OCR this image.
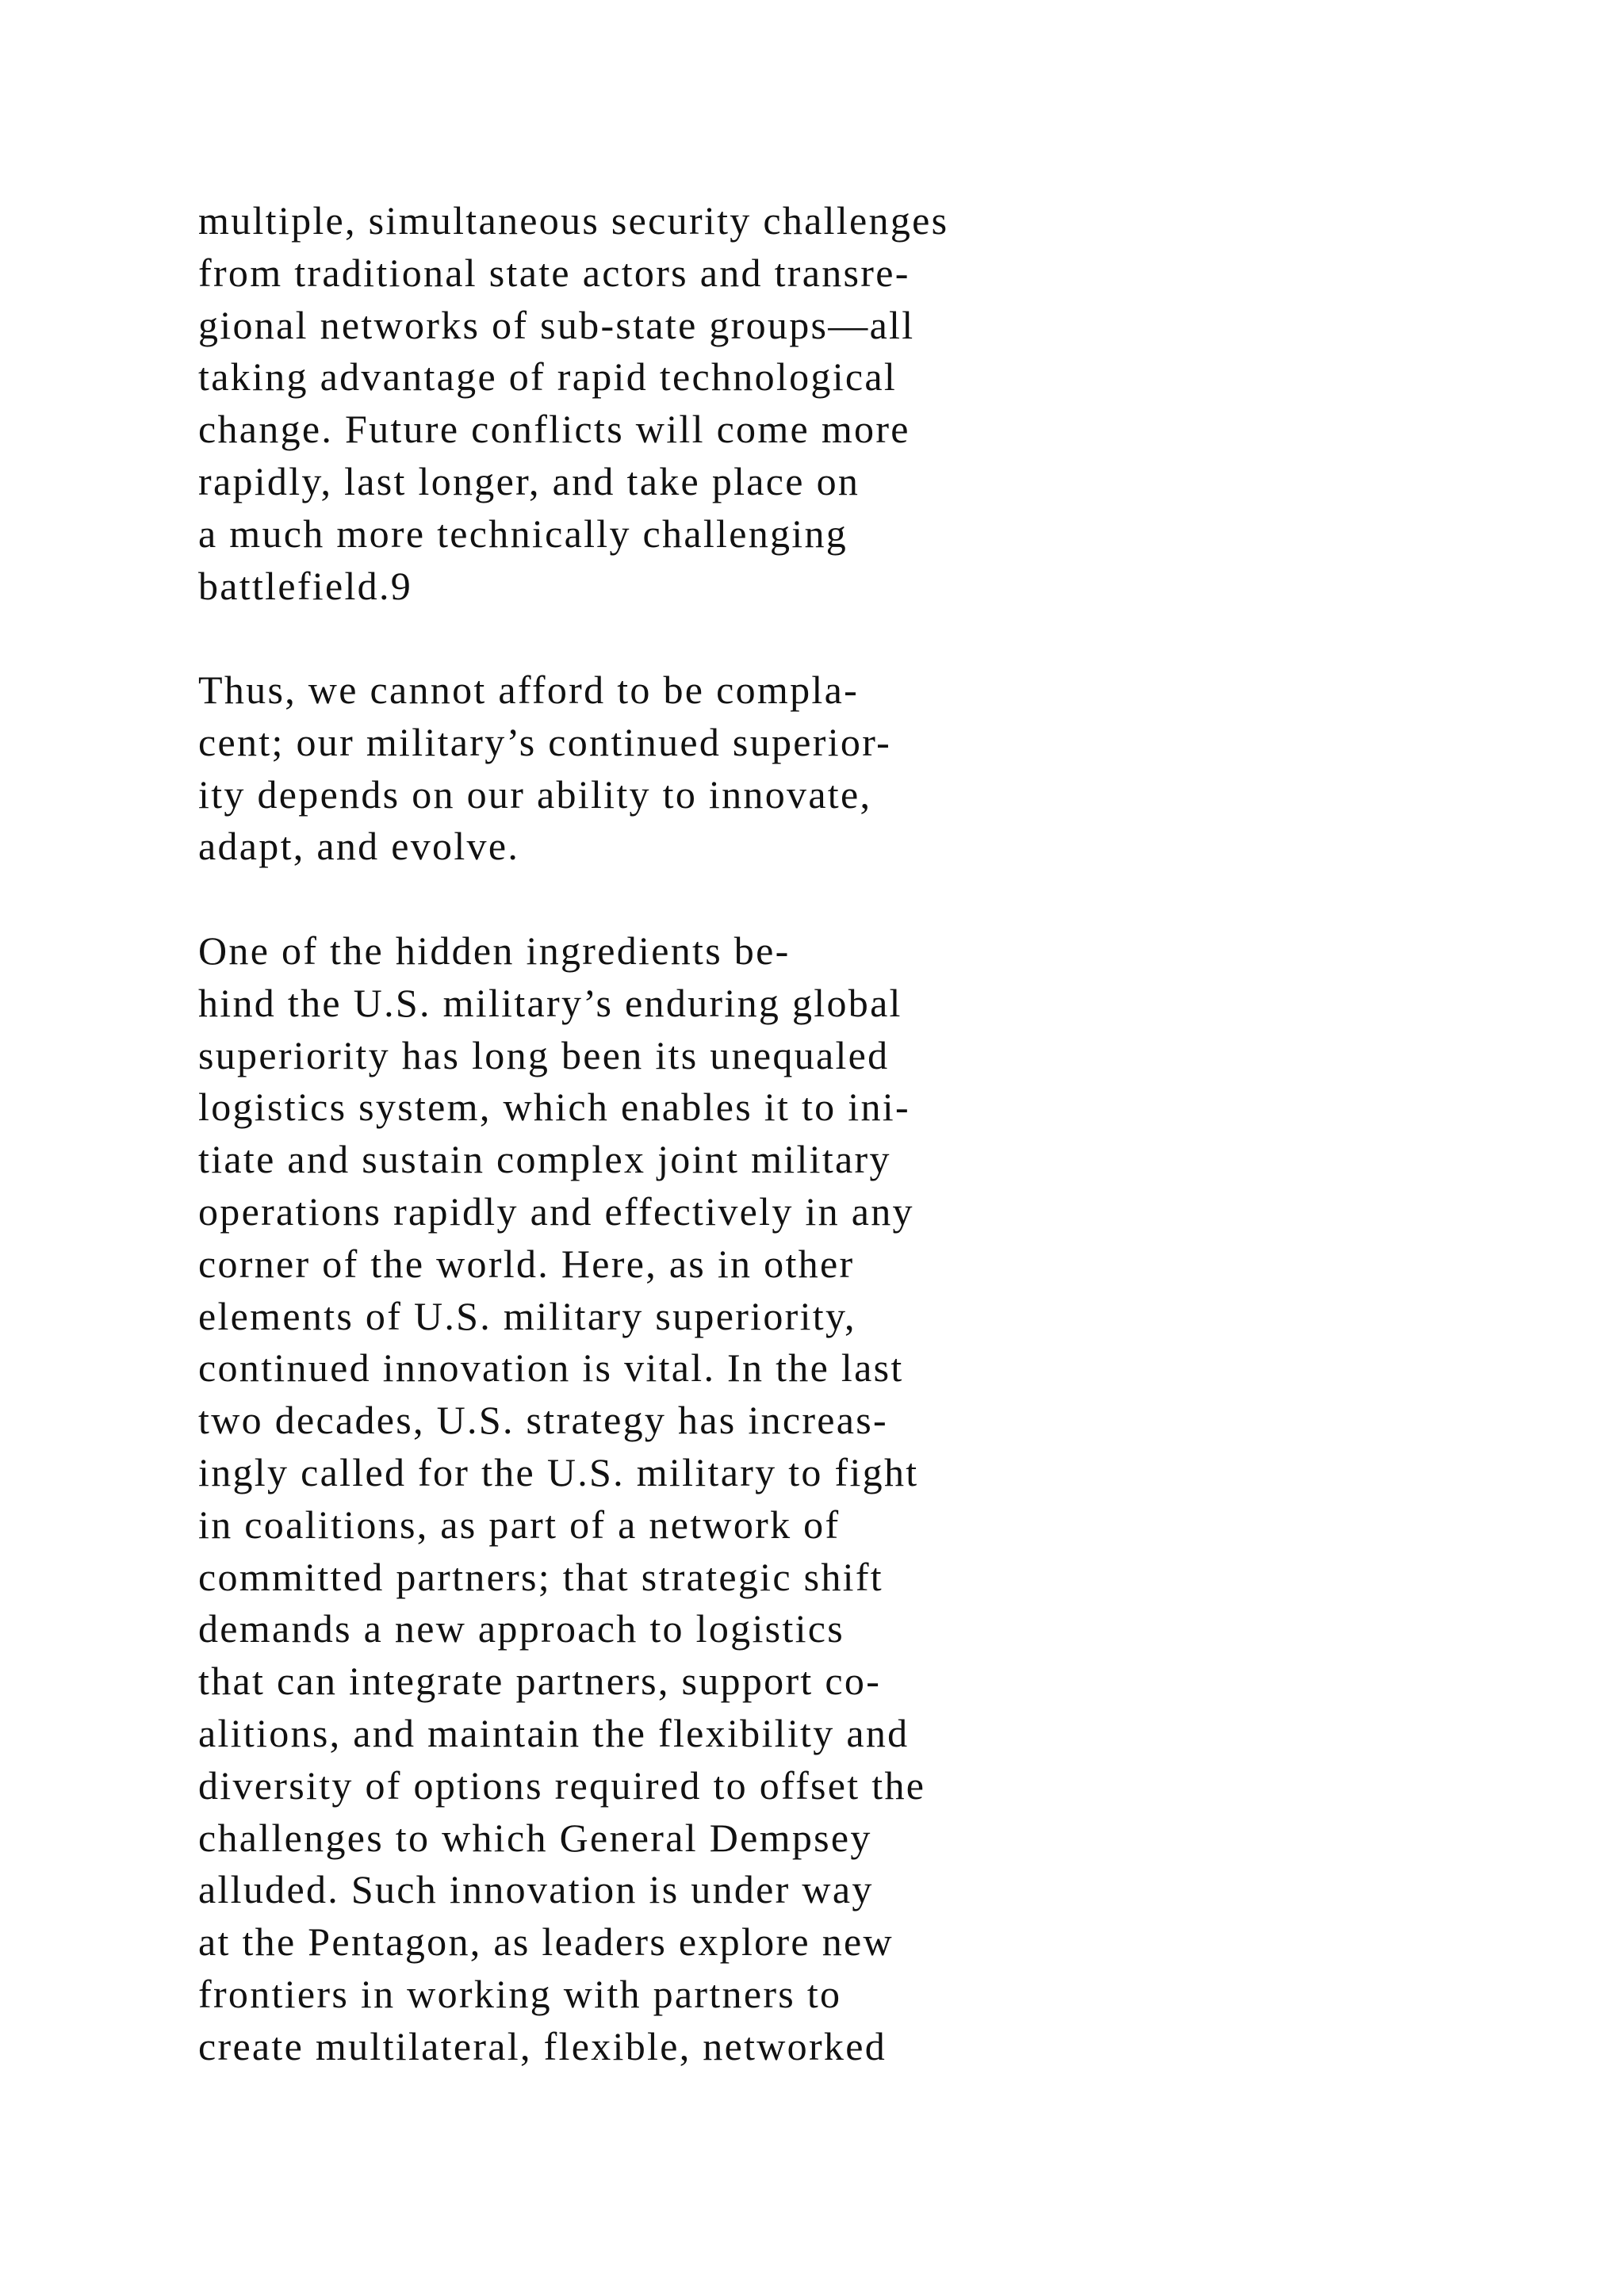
multiple, simultaneous security challenges
from traditional state actors and transre-
gional networks of sub-state groups—all
taking advantage of rapid technological
change. Future conflicts will come more
rapidly, last longer, and take place on
a much more technically challenging
battlefield.9
Thus, we cannot afford to be compla-
cent; our military’s continued superior-
ity depends on our ability to innovate,
adapt, and evolve.
One of the hidden ingredients be-
hind the U.S. military’s enduring global
superiority has long been its unequaled
logistics system, which enables it to ini-
tiate and sustain complex joint military
operations rapidly and effectively in any
corner of the world. Here, as in other
elements of U.S. military superiority,
continued innovation is vital. In the last
two decades, U.S. strategy has increas-
ingly called for the U.S. military to fight
in coalitions, as part of a network of
committed partners; that strategic shift
demands a new approach to logistics
that can integrate partners, support co-
alitions, and maintain the flexibility and
diversity of options required to offset the
challenges to which General Dempsey
alluded. Such innovation is under way
at the Pentagon, as leaders explore new
frontiers in working with partners to
create multilateral, flexible, networked
